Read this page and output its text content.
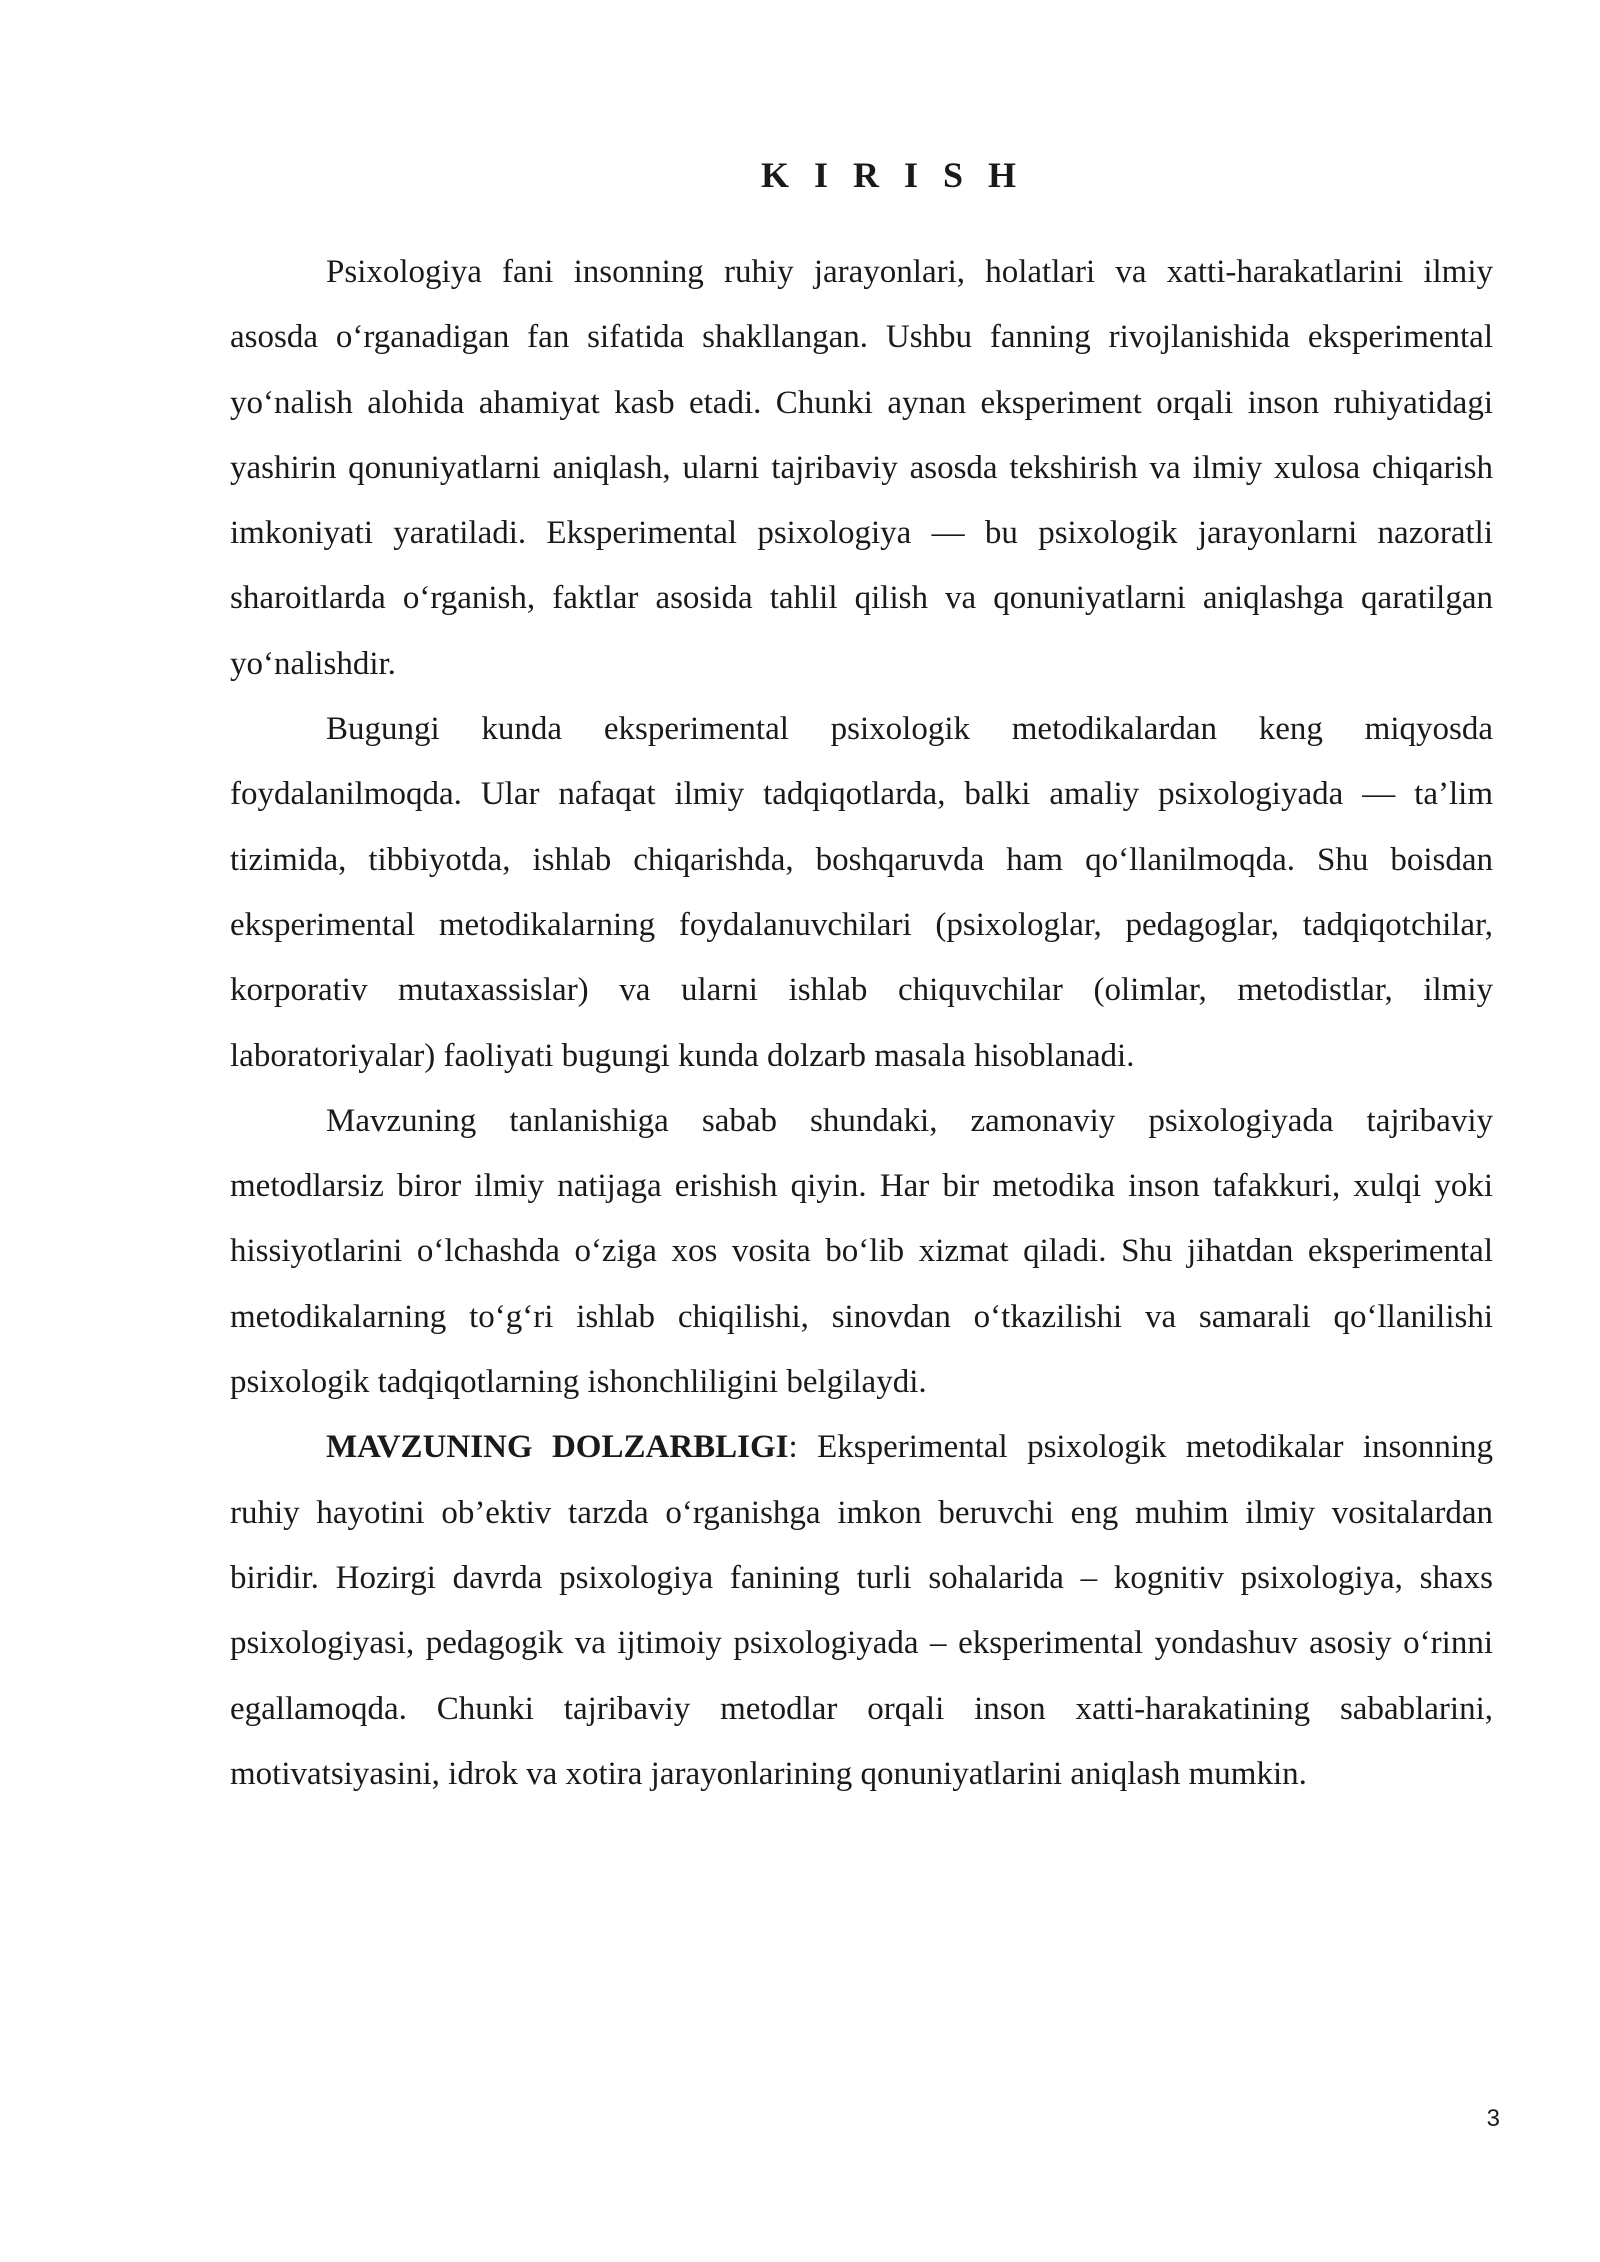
K I R I S H

Psixologiya fani insonning ruhiy jarayonlari, holatlari va xatti-harakatlarini ilmiy asosda o‘rganadigan fan sifatida shakllangan. Ushbu fanning rivojlanishida eksperimental yo‘nalish alohida ahamiyat kasb etadi. Chunki aynan eksperiment orqali inson ruhiyatidagi yashirin qonuniyatlarni aniqlash, ularni tajribaviy asosda tekshirish va ilmiy xulosa chiqarish imkoniyati yaratiladi. Eksperimental psixologiya — bu psixologik jarayonlarni nazoratli sharoitlarda o‘rganish, faktlar asosida tahlil qilish va qonuniyatlarni aniqlashga qaratilgan yo‘nalishdir.

Bugungi kunda eksperimental psixologik metodikalardan keng miqyosda foydalanilmoqda. Ular nafaqat ilmiy tadqiqotlarda, balki amaliy psixologiyada — ta’lim tizimida, tibbiyotda, ishlab chiqarishda, boshqaruvda ham qo‘llanilmoqda. Shu boisdan eksperimental metodikalarning foydalanuvchilari (psixologlar, pedagoglar, tadqiqotchilar, korporativ mutaxassislar) va ularni ishlab chiquvchilar (olimlar, metodistlar, ilmiy laboratoriyalar) faoliyati bugungi kunda dolzarb masala hisoblanadi.

Mavzuning tanlanishiga sabab shundaki, zamonaviy psixologiyada tajribaviy metodlarsiz biror ilmiy natijaga erishish qiyin. Har bir metodika inson tafakkuri, xulqi yoki hissiyotlarini o‘lchashda o‘ziga xos vosita bo‘lib xizmat qiladi. Shu jihatdan eksperimental metodikalarning to‘g‘ri ishlab chiqilishi, sinovdan o‘tkazilishi va samarali qo‘llanilishi psixologik tadqiqotlarning ishonchliligini belgilaydi.

MAVZUNING DOLZARBLIGI: Eksperimental psixologik metodikalar insonning ruhiy hayotini ob’ektiv tarzda o‘rganishga imkon beruvchi eng muhim ilmiy vositalardan biridir. Hozirgi davrda psixologiya fanining turli sohalarida – kognitiv psixologiya, shaxs psixologiyasi, pedagogik va ijtimoiy psixologiyada – eksperimental yondashuv asosiy o‘rinni egallamoqda. Chunki tajribaviy metodlar orqali inson xatti-harakatining sabablarini, motivatsiyasini, idrok va xotira jarayonlarining qonuniyatlarini aniqlash mumkin.

3
